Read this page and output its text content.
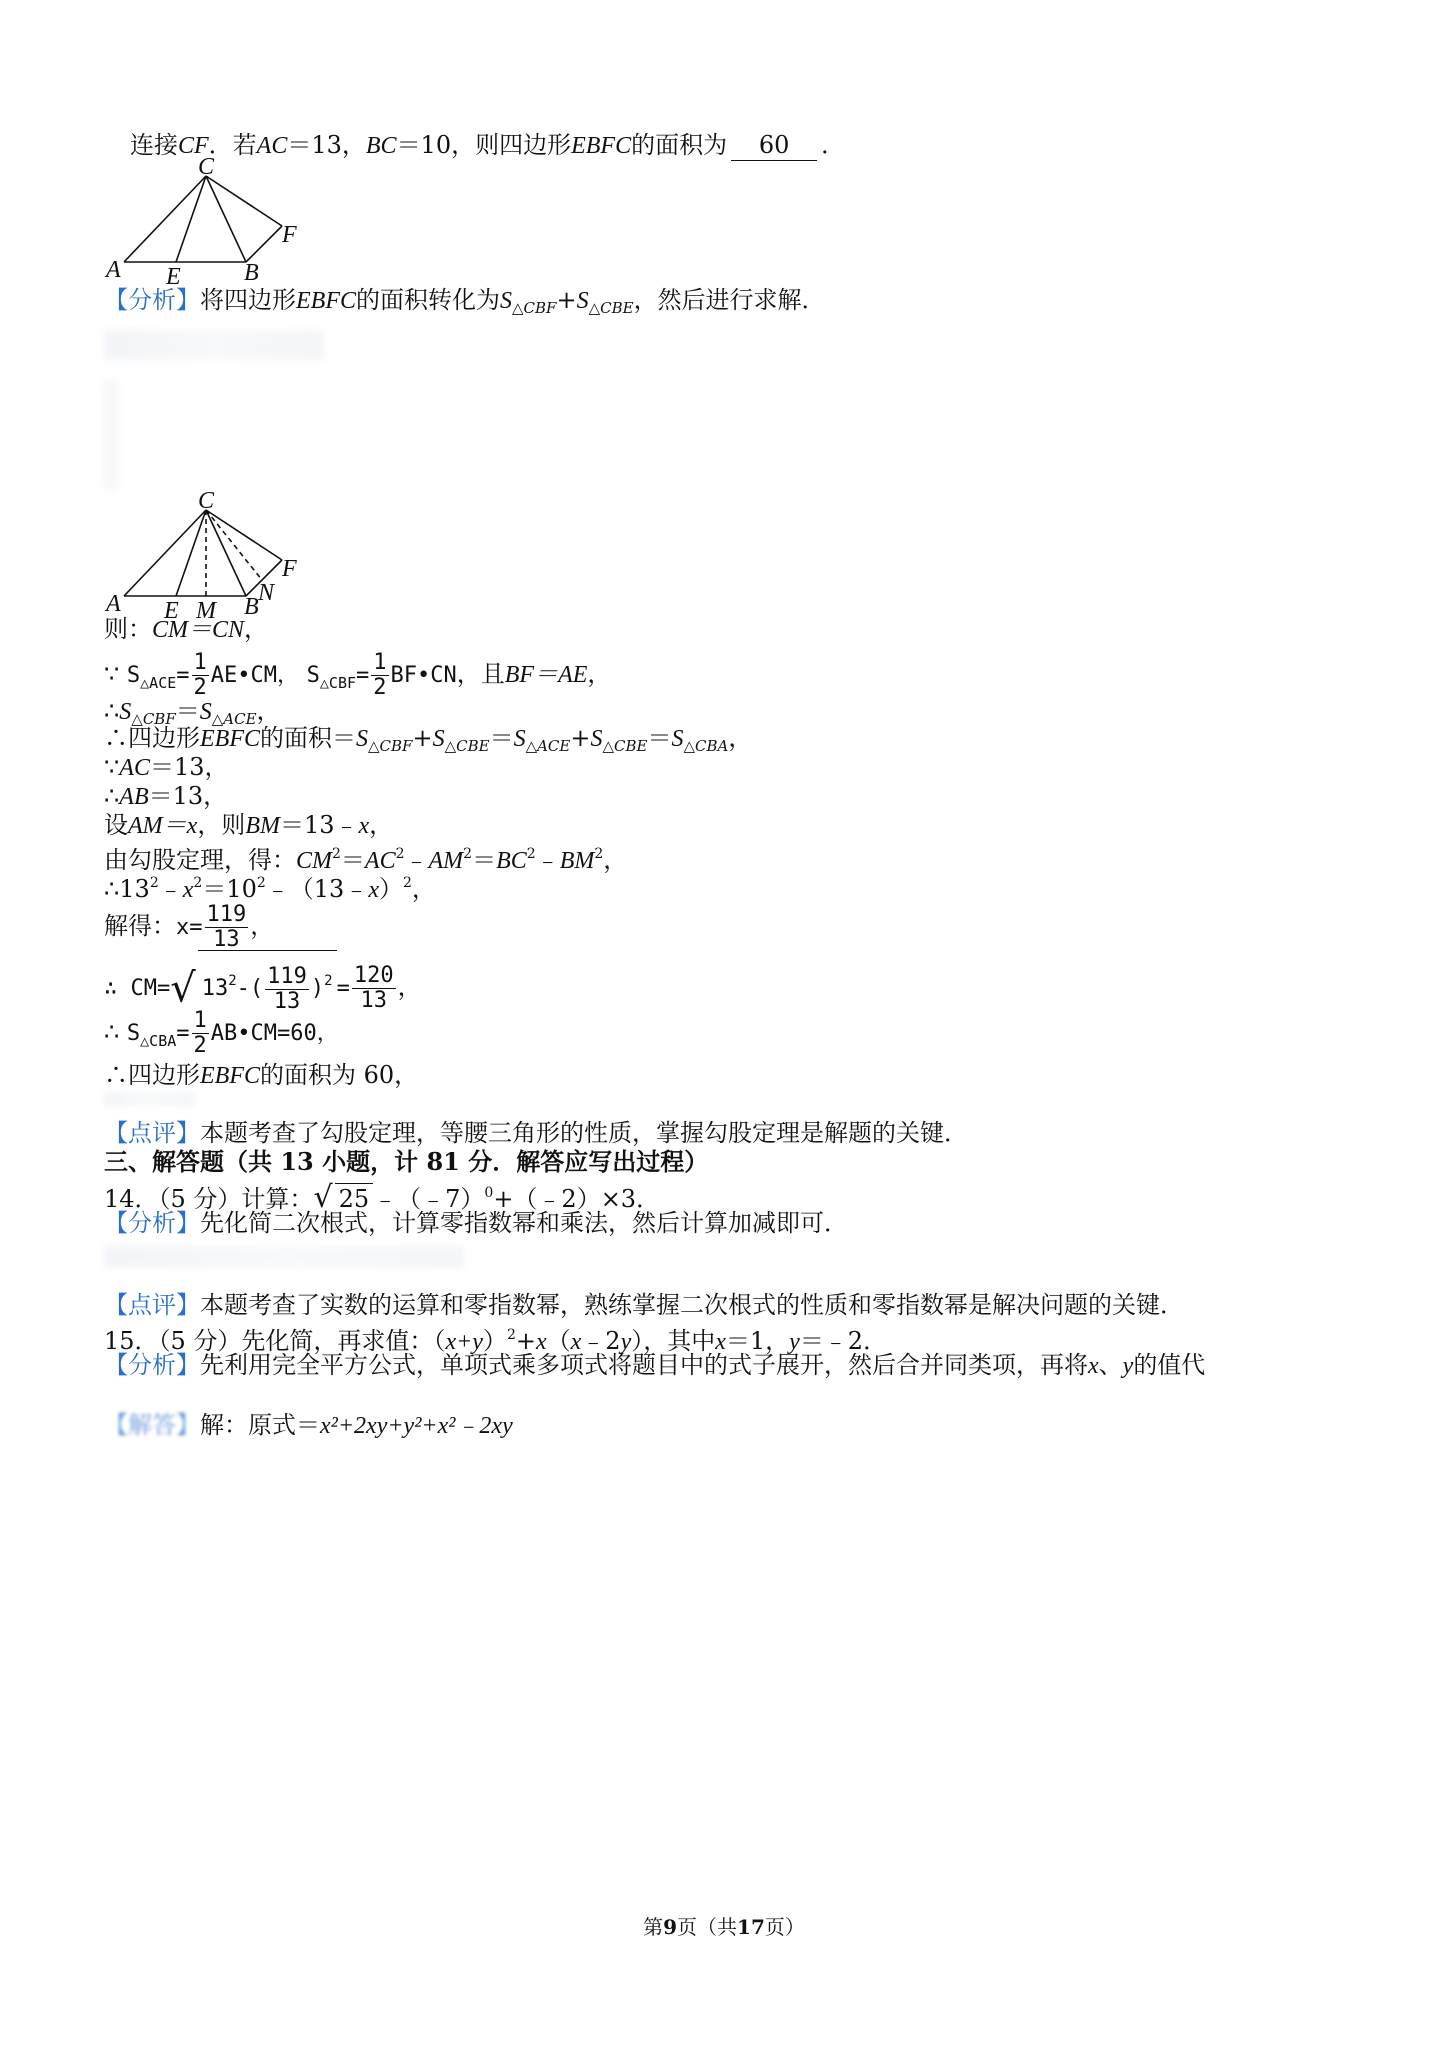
连接CF．若AC＝13，BC＝10，则四边形EBFC的面积为 60 ．
C
F
A E	B
【分析】将四边形EBFC的面积转化为$S_{\triangle CBF}+S_{\triangle CBE}$，然后进行求解．
C
F
N
A E M B
则：CM＝CN，
∵ $S_{\triangle ACE}= \frac{1}{2}$ AE•CM， $S_{\triangle CBF}= \frac{1}{2}$ BF•CN，且BF＝AE，
$\therefore S_{\triangle CBF}=S_{\triangle ACE}$，
∴四边形EBFC的面积$=S_{\triangle CBF}+S_{\triangle CBE}=S_{\triangle ACE}+S_{\triangle CBE}=S_{\triangle CBA}$，
∵AC＝13，
∴AB＝13，
设AM＝x，则BM＝13﹣x，
由勾股定理，得：$CM^2=AC^2﹣AM^2=BC^2﹣BM^2$，
$\therefore 13^2﹣x^2=10^2﹣(13﹣x)^2$，
解得：$x= \frac{119}{13}$ ，
∴ CM=√ $13^2-( \frac{119}{13} )^2 = \frac{120}{13}$ ，
∴ $S_{\triangle CBA}= \frac{1}{2}$ AB•CM=60，
∴四边形EBFC的面积为 60，
【点评】本题考查了勾股定理，等腰三角形的性质，掌握勾股定理是解题的关键．
三、解答题（共 13 小题，计 81 分．解答应写出过程）
14．（5 分）计算：√ 25 ﹣（﹣7）$^0$+（﹣2）×3．
【分析】先化简二次根式，计算零指数幂和乘法，然后计算加减即可．
【点评】本题考查了实数的运算和零指数幂，熟练掌握二次根式的性质和零指数幂是解决问题的关键．
15．（5 分）先化简，再求值：$(x+y)^2+x(x﹣2y)$，其中x＝1，y＝﹣2．
【分析】先利用完全平方公式，单项式乘多项式将题目中的式子展开，然后合并同类项，再将x、y的值代
【解答】解：原式＝x²+2xy+y²+x²﹣2xy
第9页（共17页）
